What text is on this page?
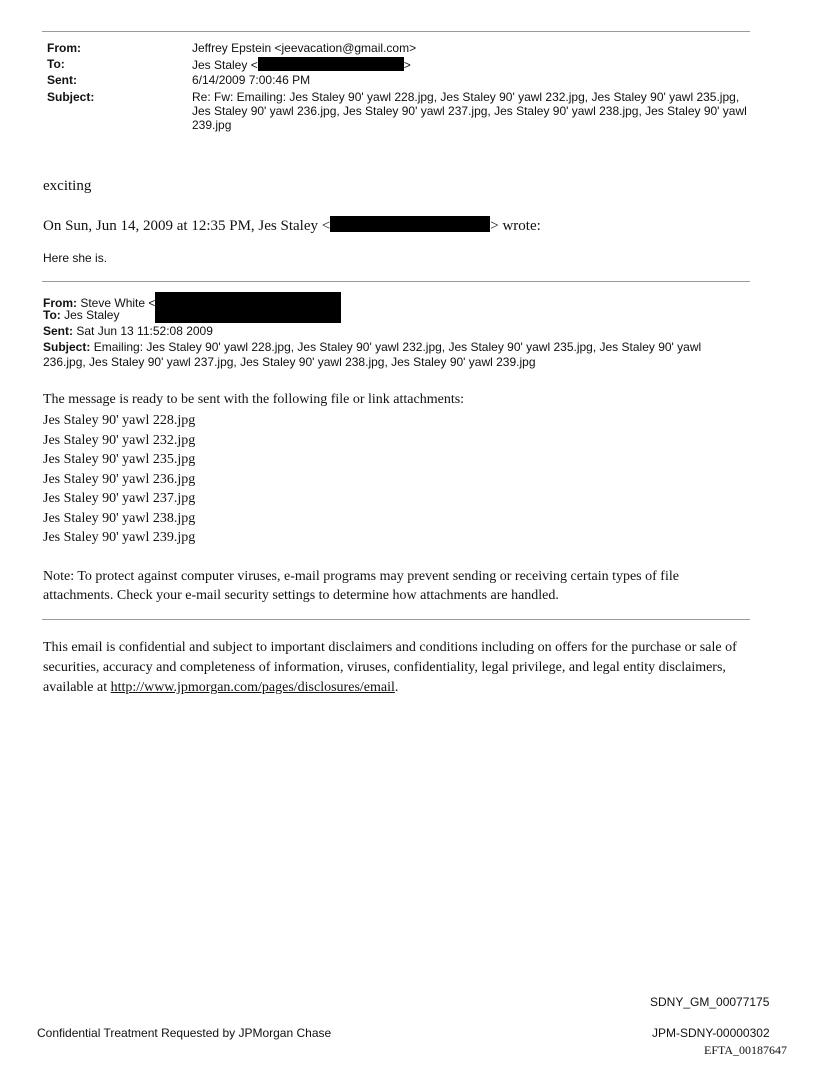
From:	Jeffrey Epstein <jeevacation@gmail.com>
To:	Jes Staley <	>
Sent:	6/14/2009 7:00:46 PM
Subject:	Re: Fw: Emailing: Jes Staley 90' yawl 228.jpg, Jes Staley 90' yawl 232.jpg, Jes Staley 90' yawl 235.jpg, Jes Staley 90' yawl 236.jpg, Jes Staley 90' yawl 237.jpg, Jes Staley 90' yawl 238.jpg, Jes Staley 90' yawl 239.jpg
exciting
On Sun, Jun 14, 2009 at 12:35 PM, Jes Staley <	> wrote:
Here she is.
From: Steve White <
To: Jes Staley
Sent: Sat Jun 13 11:52:08 2009
Subject: Emailing: Jes Staley 90' yawl 228.jpg, Jes Staley 90' yawl 232.jpg, Jes Staley 90' yawl 235.jpg, Jes Staley 90' yawl 236.jpg, Jes Staley 90' yawl 237.jpg, Jes Staley 90' yawl 238.jpg, Jes Staley 90' yawl 239.jpg
The message is ready to be sent with the following file or link attachments:
Jes Staley 90' yawl 228.jpg
Jes Staley 90' yawl 232.jpg
Jes Staley 90' yawl 235.jpg
Jes Staley 90' yawl 236.jpg
Jes Staley 90' yawl 237.jpg
Jes Staley 90' yawl 238.jpg
Jes Staley 90' yawl 239.jpg
Note: To protect against computer viruses, e-mail programs may prevent sending or receiving certain types of file attachments. Check your e-mail security settings to determine how attachments are handled.
This email is confidential and subject to important disclaimers and conditions including on offers for the purchase or sale of securities, accuracy and completeness of information, viruses, confidentiality, legal privilege, and legal entity disclaimers, available at http://www.jpmorgan.com/pages/disclosures/email.
SDNY_GM_00077175
Confidential Treatment Requested by JPMorgan Chase	JPM-SDNY-00000302
EFTA_00187647
